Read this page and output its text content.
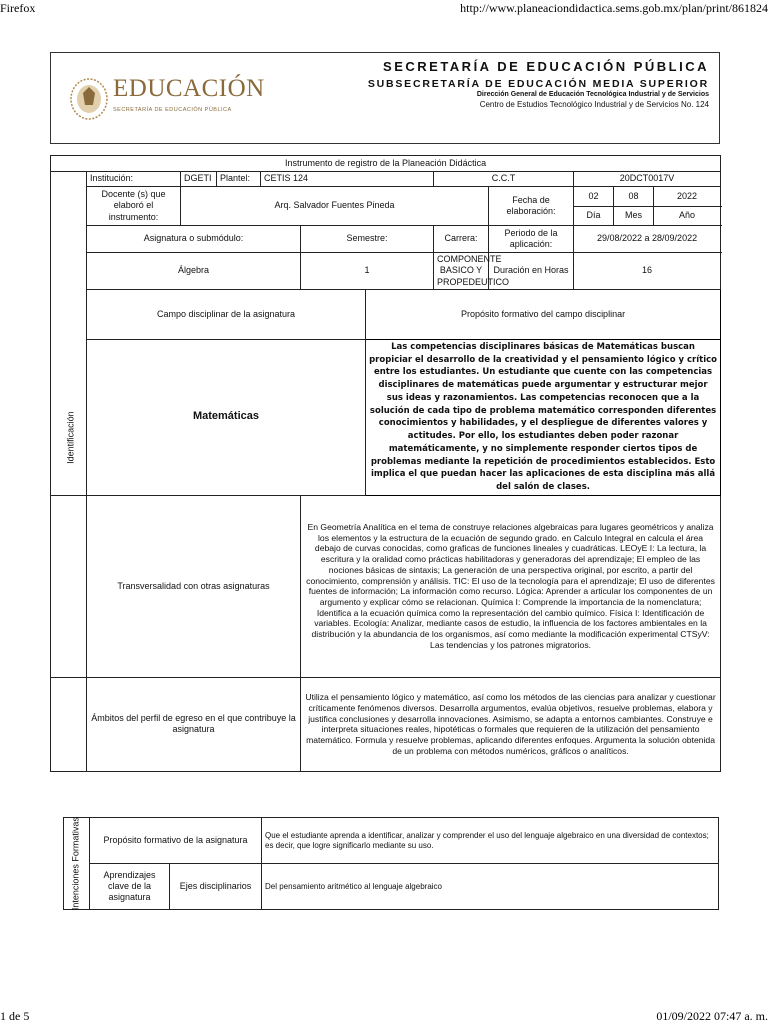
Firefox	http://www.planeaciondidactica.sems.gob.mx/plan/print/861824
1 de 5	01/09/2022 07:47 a. m.
EDUCACIÓN
SECRETARÍA DE EDUCACIÓN PÚBLICA
SECRETARÍA DE EDUCACIÓN PÚBLICA
SUBSECRETARÍA DE EDUCACIÓN MEDIA SUPERIOR
Dirección General de Educación Tecnológica Industrial y de Servicios
Centro de Estudios Tecnológico Industrial y de Servicios No. 124
Instrumento de registro de la Planeación Didáctica											

Identificación	Institución:	DGETI	Plantel:	CETIS 124			C.C.T		20DCT0017V		
	Docente (s) que elaboró el instrumento:	Arq. Salvador Fuentes Pineda						Fecha de elaboración:	02	08	2022
									Día	Mes	Año
	Asignatura o submódulo:				Semestre:		Carrera:	Periodo de la aplicación:	29/08/2022 a 28/09/2022		
	Álgebra				1		COMPONENTE BASICO Y PROPEDEUTICO	Duración en Horas	16		
	Campo disciplinar de la asignatura					Propósito formativo del campo disciplinar					
	Matemáticas					Las competencias disciplinares básicas de Matemáticas buscan propiciar el desarrollo de la creatividad y el pensamiento lógico y crítico entre los estudiantes. Un estudiante que cuente con las competencias disciplinares de matemáticas puede argumentar y estructurar mejor sus ideas y razonamientos. Las competencias reconocen que a la solución de cada tipo de problema matemático corresponden diferentes conocimientos y habilidades, y el despliegue de diferentes valores y actitudes. Por ello, los estudiantes deben poder razonar matemáticamente, y no simplemente responder ciertos tipos de problemas mediante la repetición de procedimientos establecidos. Esto implica el que puedan hacer las aplicaciones de esta disciplina más allá del salón de clases.					
	Transversalidad con otras asignaturas				En Geometría Analítica en el tema de construye relaciones algebraicas para lugares geométricos y analiza los elementos y la estructura de la ecuación de segundo grado. en Calculo Integral en calcula el área debajo de curvas conocidas, como graficas de funciones lineales y cuadráticas. LEOyE I: La lectura, la escritura y la oralidad como prácticas habilitadoras y generadoras del aprendizaje; El empleo de las nociones básicas de sintaxis; La generación de una perspectiva original, por escrito, a partir del conocimiento, comprensión y análisis. TIC: El uso de la tecnología para el aprendizaje; El uso de diferentes fuentes de información; La información como recurso. Lógica: Aprender a articular los componentes de un argumento y explicar cómo se relacionan. Química I: Comprende la importancia de la nomenclatura; Identifica a la ecuación química como la representación del cambio químico. Física I: Identificación de variables. Ecología: Analizar, mediante casos de estudio, la influencia de los factores ambientales en la distribución y la abundancia de los organismos, así como mediante la modificación experimental CTSyV: Las tendencias y los patrones migratorios.						
	Ámbitos del perfil de egreso en el que contribuye la asignatura				Utiliza el pensamiento lógico y matemático, así como los métodos de las ciencias para analizar y cuestionar críticamente fenómenos diversos. Desarrolla argumentos, evalúa objetivos, resuelve problemas, elabora y justifica conclusiones y desarrolla innovaciones. Asimismo, se adapta a entornos cambiantes. Construye e interpreta situaciones reales, hipotéticas o formales que requieren de la utilización del pensamiento matemático. Formula y resuelve problemas, aplicando diferentes enfoques. Argumenta la solución obtenida de un problema con métodos numéricos, gráficos o analíticos.						
Intenciones Formativas	Propósito formativo de la asignatura		Que el estudiante aprenda a identificar, analizar y comprender el uso del lenguaje algebraico en una diversidad de contextos; es decir, que logre significarlo mediante su uso.
	Aprendizajes clave de la asignatura	Ejes disciplinarios	Del pensamiento aritmético al lenguaje algebraico
